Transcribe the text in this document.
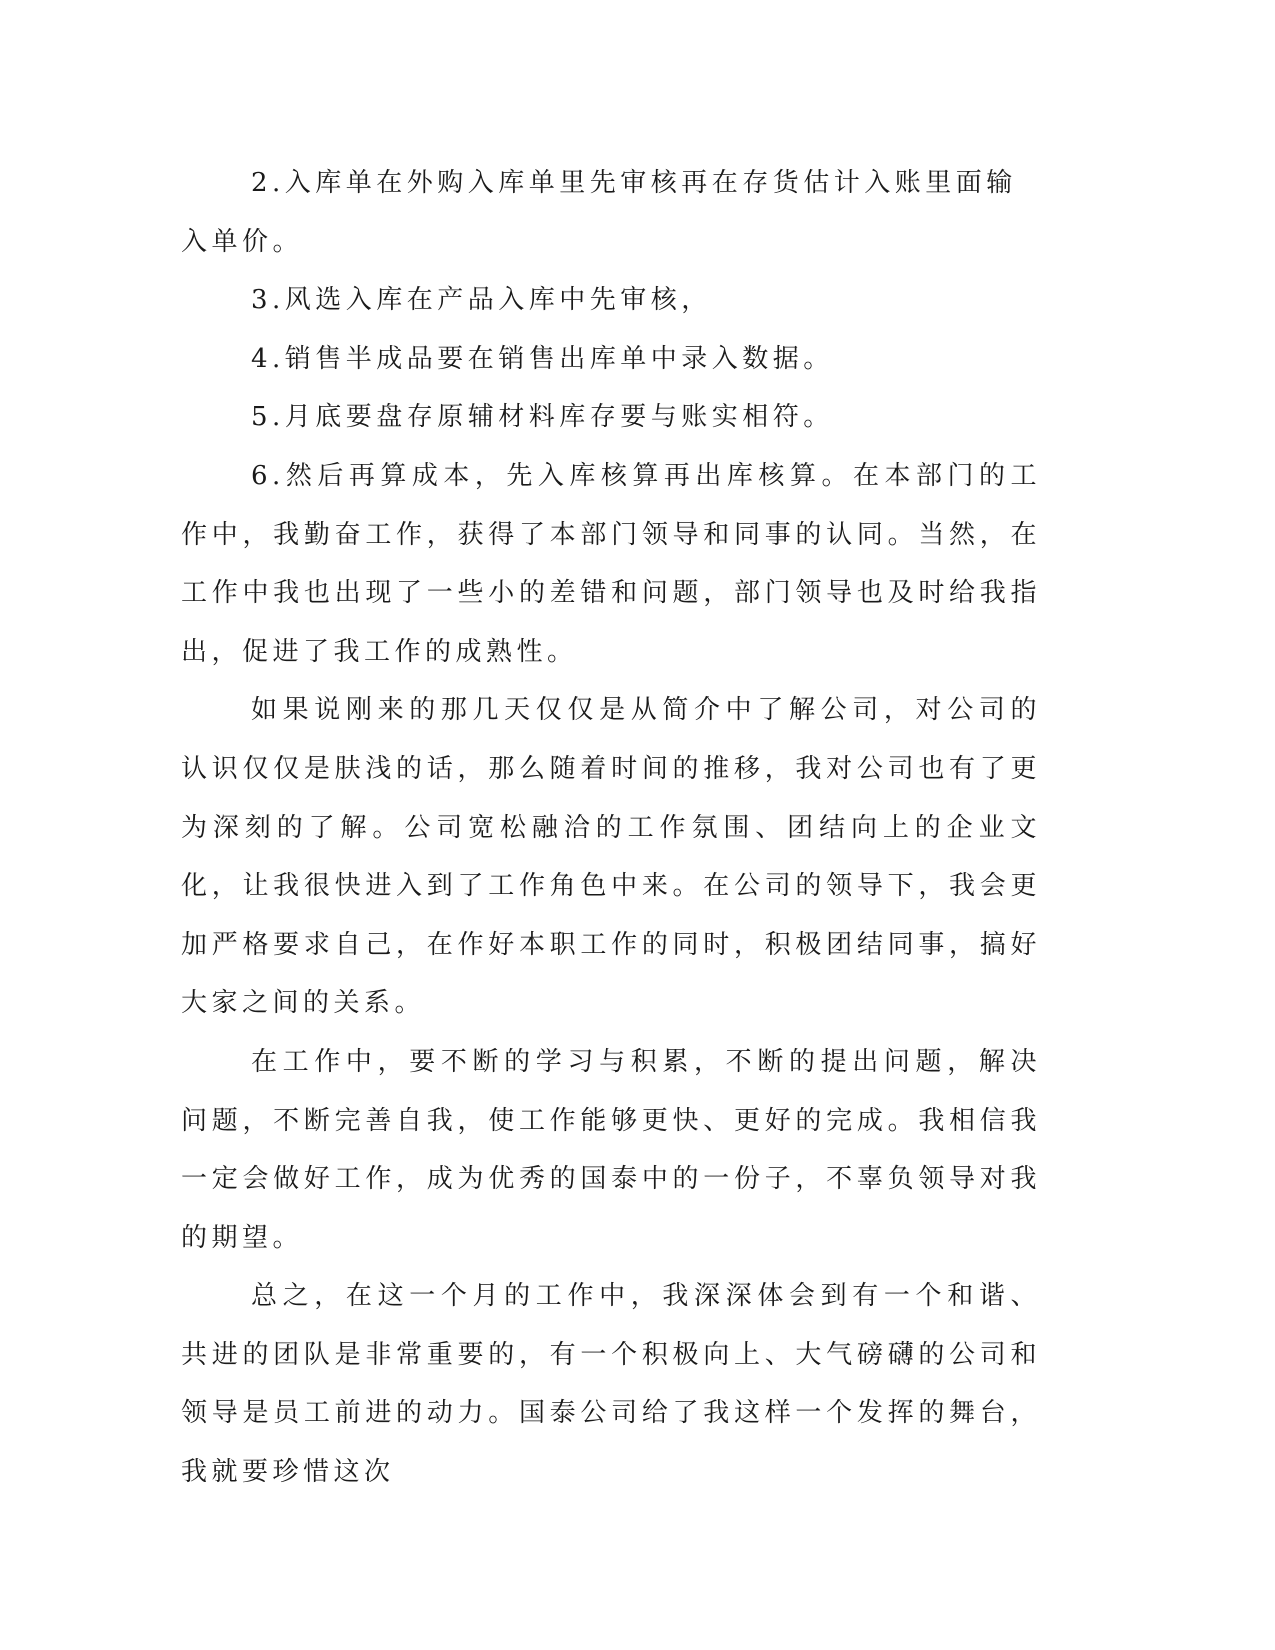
2.入库单在外购入库单里先审核再在存货估计入账里面输入单价。

3.风选入库在产品入库中先审核，

4.销售半成品要在销售出库单中录入数据。

5.月底要盘存原辅材料库存要与账实相符。

6.然后再算成本，先入库核算再出库核算。在本部门的工作中，我勤奋工作，获得了本部门领导和同事的认同。当然，在工作中我也出现了一些小的差错和问题，部门领导也及时给我指出，促进了我工作的成熟性。

如果说刚来的那几天仅仅是从简介中了解公司，对公司的认识仅仅是肤浅的话，那么随着时间的推移，我对公司也有了更为深刻的了解。公司宽松融洽的工作氛围、团结向上的企业文化，让我很快进入到了工作角色中来。在公司的领导下，我会更加严格要求自己，在作好本职工作的同时，积极团结同事，搞好大家之间的关系。

在工作中，要不断的学习与积累，不断的提出问题，解决问题，不断完善自我，使工作能够更快、更好的完成。我相信我一定会做好工作，成为优秀的国泰中的一份子，不辜负领导对我的期望。

总之，在这一个月的工作中，我深深体会到有一个和谐、共进的团队是非常重要的，有一个积极向上、大气磅礴的公司和领导是员工前进的动力。国泰公司给了我这样一个发挥的舞台，我就要珍惜这次
